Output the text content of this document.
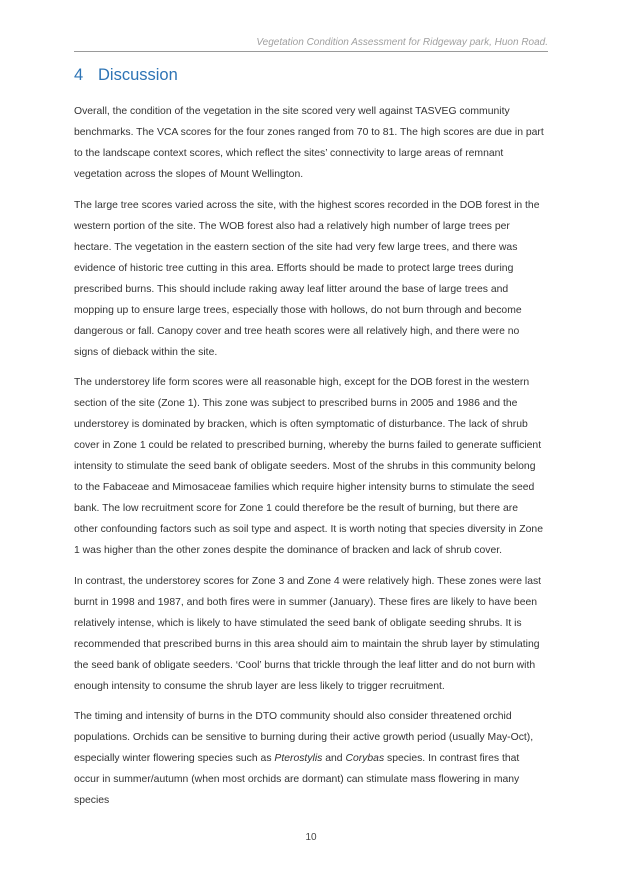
Vegetation Condition Assessment for Ridgeway park, Huon Road.
4 Discussion

Overall, the condition of the vegetation in the site scored very well against TASVEG community benchmarks. The VCA scores for the four zones ranged from 70 to 81. The high scores are due in part to the landscape context scores, which reflect the sites’ connectivity to large areas of remnant vegetation across the slopes of Mount Wellington.

The large tree scores varied across the site, with the highest scores recorded in the DOB forest in the western portion of the site. The WOB forest also had a relatively high number of large trees per hectare. The vegetation in the eastern section of the site had very few large trees, and there was evidence of historic tree cutting in this area. Efforts should be made to protect large trees during prescribed burns. This should include raking away leaf litter around the base of large trees and mopping up to ensure large trees, especially those with hollows, do not burn through and become dangerous or fall. Canopy cover and tree heath scores were all relatively high, and there were no signs of dieback within the site.

The understorey life form scores were all reasonable high, except for the DOB forest in the western section of the site (Zone 1). This zone was subject to prescribed burns in 2005 and 1986 and the understorey is dominated by bracken, which is often symptomatic of disturbance. The lack of shrub cover in Zone 1 could be related to prescribed burning, whereby the burns failed to generate sufficient intensity to stimulate the seed bank of obligate seeders. Most of the shrubs in this community belong to the Fabaceae and Mimosaceae families which require higher intensity burns to stimulate the seed bank. The low recruitment score for Zone 1 could therefore be the result of burning, but there are other confounding factors such as soil type and aspect. It is worth noting that species diversity in Zone 1 was higher than the other zones despite the dominance of bracken and lack of shrub cover.

In contrast, the understorey scores for Zone 3 and Zone 4 were relatively high. These zones were last burnt in 1998 and 1987, and both fires were in summer (January). These fires are likely to have been relatively intense, which is likely to have stimulated the seed bank of obligate seeding shrubs. It is recommended that prescribed burns in this area should aim to maintain the shrub layer by stimulating the seed bank of obligate seeders. ‘Cool’ burns that trickle through the leaf litter and do not burn with enough intensity to consume the shrub layer are less likely to trigger recruitment.

The timing and intensity of burns in the DTO community should also consider threatened orchid populations. Orchids can be sensitive to burning during their active growth period (usually May-Oct), especially winter flowering species such as Pterostylis and Corybas species. In contrast fires that occur in summer/autumn (when most orchids are dormant) can stimulate mass flowering in many species

10
